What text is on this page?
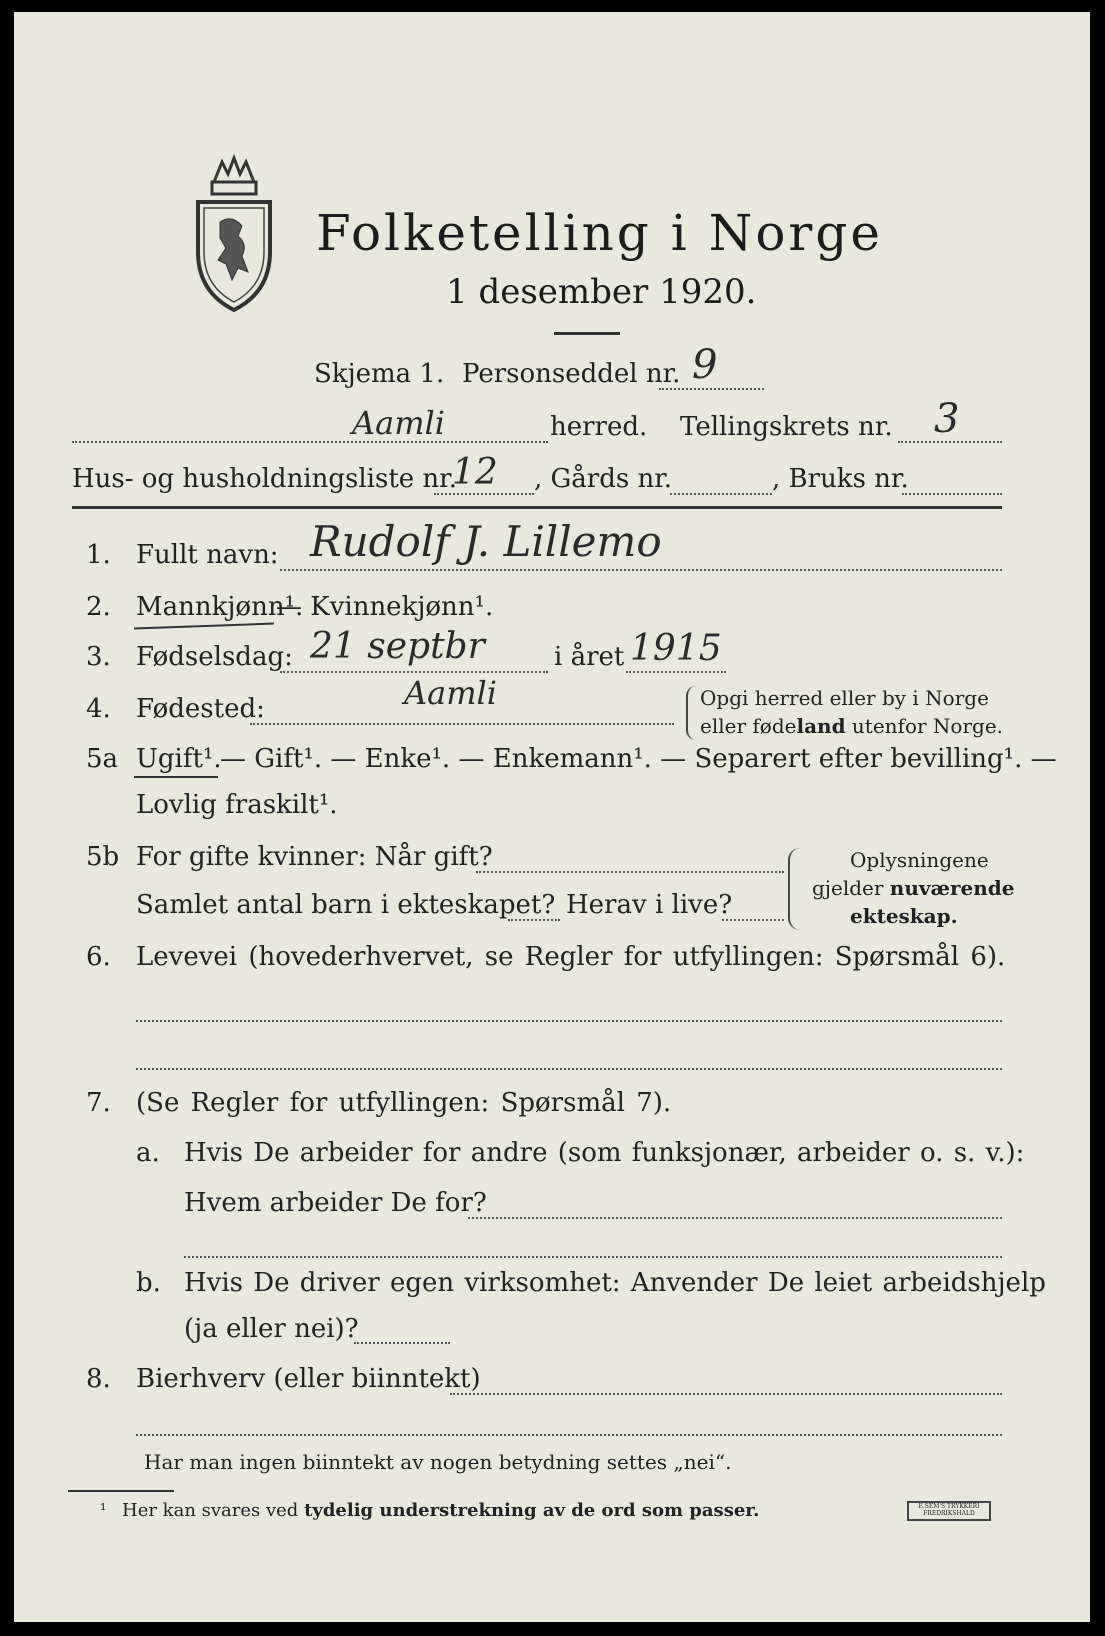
Folketelling i Norge
1 desember 1920.
Skjema 1. Personseddel nr. 9
Aamli	herred. Tellingskrets nr. 3
Hus- og husholdningsliste nr.
12 , Gårds nr.	, Bruks nr.
1. Fullt navn: Rudolf J. Lillemo
2. Mannkjønn¹.
— Kvinnekjønn¹.
3. Fødselsdag: 21 septbr	i året 1915
4. Fødested:	Aamli	Opgi herred eller by i Norge
eller fødeland utenfor Norge.
5a Ugift¹.
— Gift¹. — Enke¹. — Enkemann¹. — Separert efter bevilling¹. —
Lovlig fraskilt¹.
5b For gifte kvinner: Når gift?
Samlet antal barn i ekteskapet? Herav i live?
Oplysningene
gjelder nuværende
ekteskap.
6. Levevei (hovederhvervet, se Regler for utfyllingen: Spørsmål 6).
7. (Se Regler for utfyllingen: Spørsmål 7).
a. Hvis De arbeider for andre (som funksjonær, arbeider o. s. v.):
Hvem arbeider De for?
b. Hvis De driver egen virksomhet: Anvender De leiet arbeidshjelp
(ja eller nei)?
8. Bierhverv (eller biinntekt)
Har man ingen biinntekt av nogen betydning settes „nei“.
¹ Her kan svares ved tydelig understrekning av de ord som passer.	E.SEM'S TRYKKERI FREDRIKSHALD
